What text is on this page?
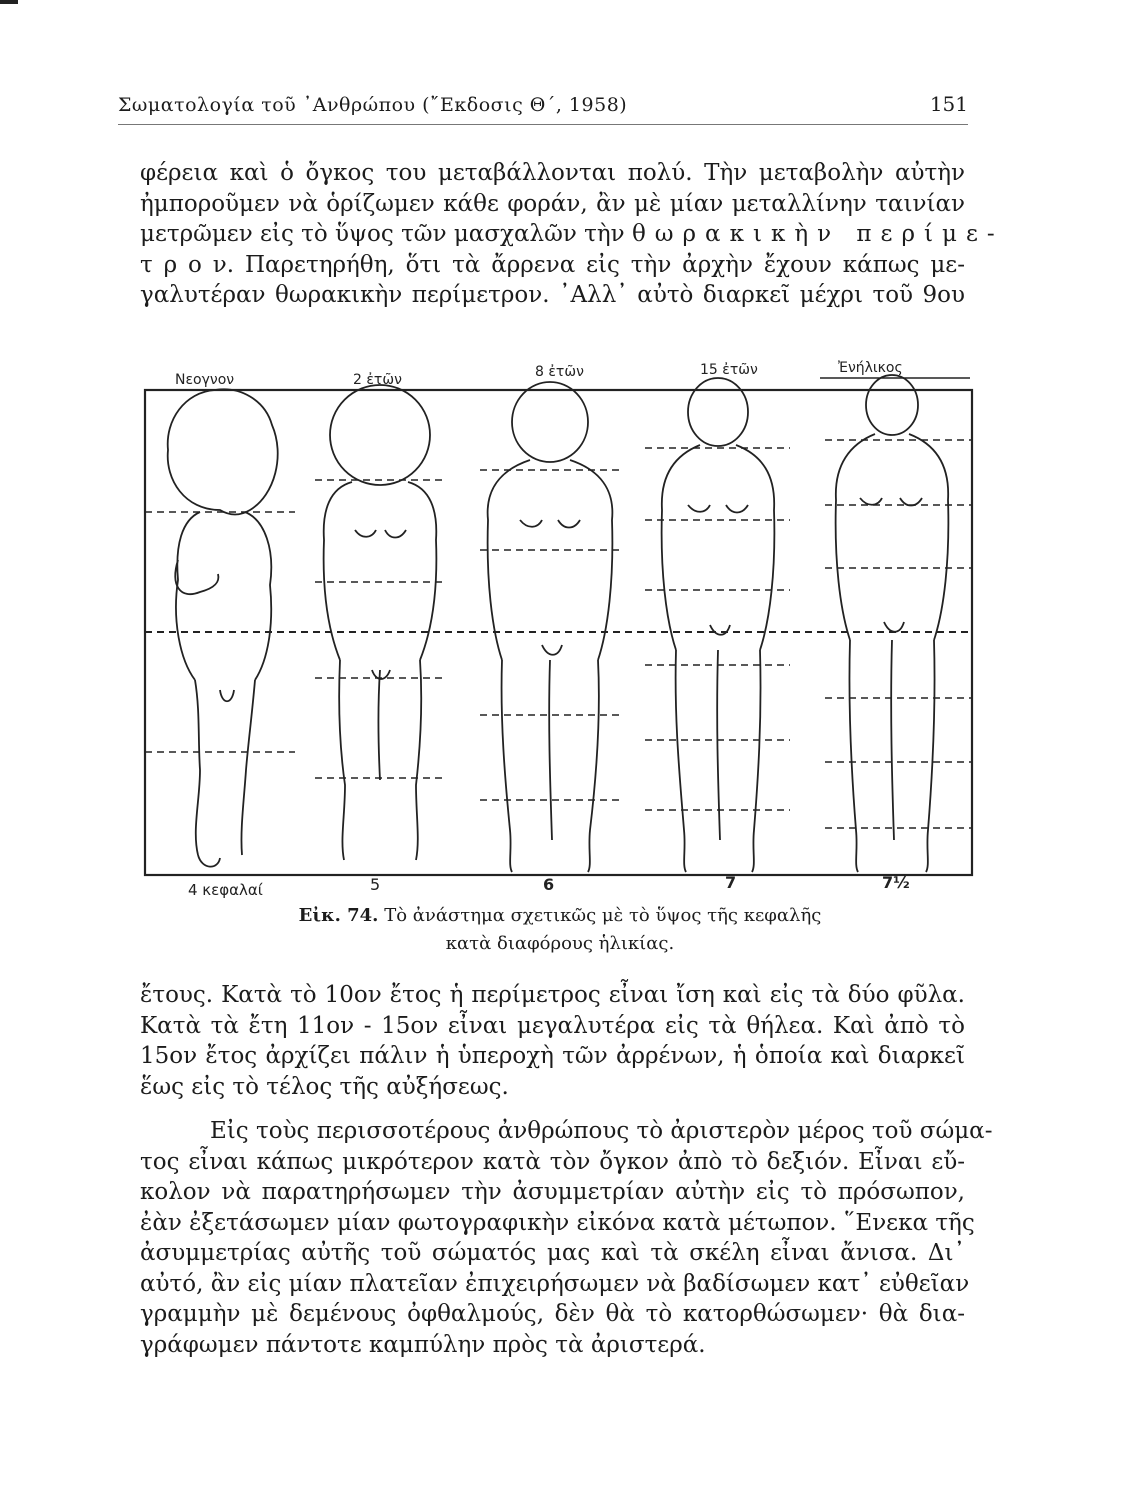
Σωματολογία τοῦ ᾿Ανθρώπου (῎Εκδοσις Θ΄, 1958)	151
φέρεια καὶ ὁ ὄγκος του μεταβάλλονται πολύ. Τὴν μεταβολὴν αὐτὴν
ἠμποροῦμεν νὰ ὁρίζωμεν κάθε φοράν, ἂν μὲ μίαν μεταλλίνην ταινίαν
μετρῶμεν εἰς τὸ ὕψος τῶν μασχαλῶν τὴν θωρακικὴν περίμε-
τ ρ ο ν. Παρετηρήθη, ὅτι τὰ ἄρρενα εἰς τὴν ἀρχὴν ἔχουν κάπως με-
γαλυτέραν θωρακικὴν περίμετρον. ᾿Αλλ᾿ αὐτὸ διαρκεῖ μέχρι τοῦ 9ου
Νεογνον	2 ἐτῶν	8 ἐτῶν	15 ἐτῶν	Ἐνήλικος
4 κεφαλαί	5	6	7	7½
Εἰκ. 74. Τὸ ἀνάστημα σχετικῶς μὲ τὸ ὕψος τῆς κεφαλῆς
κατὰ διαφόρους ἡλικίας.
ἔτους. Κατὰ τὸ 10ον ἔτος ἡ περίμετρος εἶναι ἴση καὶ εἰς τὰ δύο φῦλα.
Κατὰ τὰ ἔτη 11ον - 15ον εἶναι μεγαλυτέρα εἰς τὰ θήλεα. Καὶ ἀπὸ τὸ
15ον ἔτος ἀρχίζει πάλιν ἡ ὑπεροχὴ τῶν ἀρρένων, ἡ ὁποία καὶ διαρκεῖ
ἕως εἰς τὸ τέλος τῆς αὐξήσεως.
Εἰς τοὺς περισσοτέρους ἀνθρώπους τὸ ἀριστερὸν μέρος τοῦ σώμα-
τος εἶναι κάπως μικρότερον κατὰ τὸν ὄγκον ἀπὸ τὸ δεξιόν. Εἶναι εὔ-
κολον νὰ παρατηρήσωμεν τὴν ἀσυμμετρίαν αὐτὴν εἰς τὸ πρόσωπον,
ἐὰν ἐξετάσωμεν μίαν φωτογραφικὴν εἰκόνα κατὰ μέτωπον. ῞Ενεκα τῆς
ἀσυμμετρίας αὐτῆς τοῦ σώματός μας καὶ τὰ σκέλη εἶναι ἄνισα. Δι᾿
αὐτό, ἂν εἰς μίαν πλατεῖαν ἐπιχειρήσωμεν νὰ βαδίσωμεν κατ᾿ εὐθεῖαν
γραμμὴν μὲ δεμένους ὀφθαλμούς, δὲν θὰ τὸ κατορθώσωμεν· θὰ δια-
γράφωμεν πάντοτε καμπύλην πρὸς τὰ ἀριστερά.
